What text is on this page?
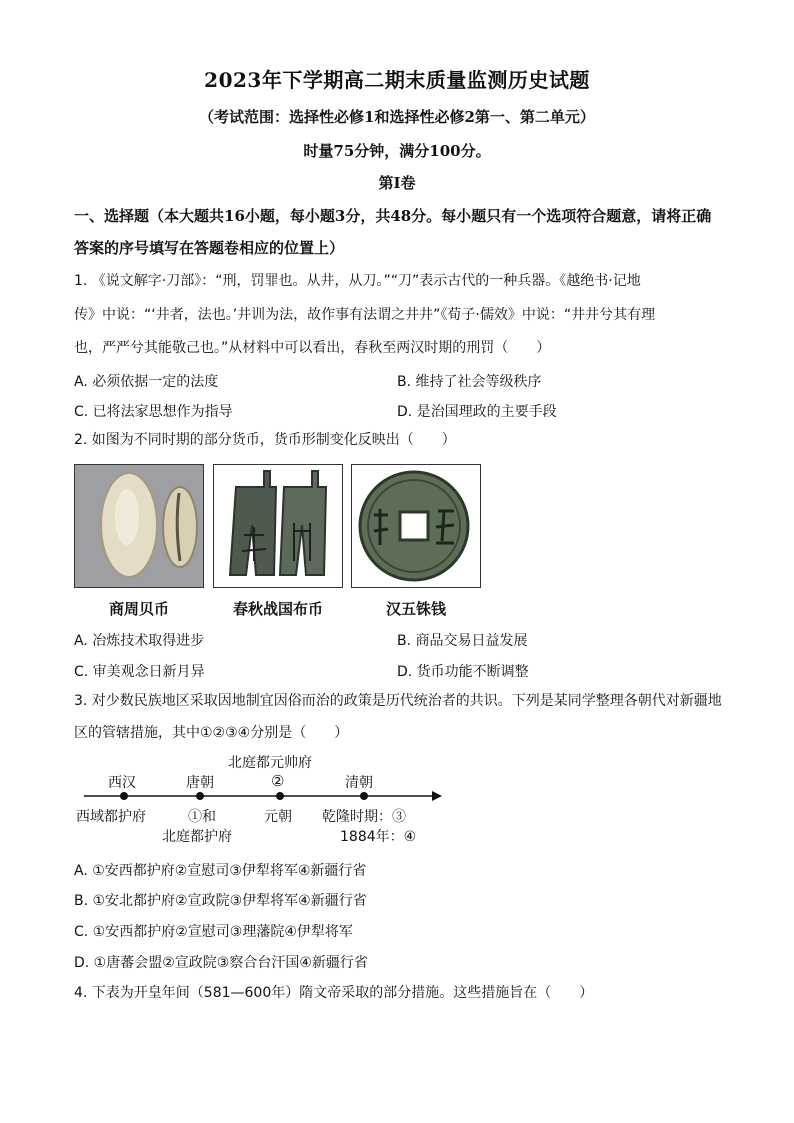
2023年下学期高二期末质量监测历史试题
（考试范围：选择性必修1和选择性必修2第一、第二单元）
时量75分钟，满分100分。
第I卷
一、选择题（本大题共16小题，每小题3分，共48分。每小题只有一个选项符合题意，请将正确答案的序号填写在答题卷相应的位置上）
1. 《说文解字·刀部》：“刑，罚罪也。从井，从刀。”“刀”表示古代的一种兵器。《越绝书·记地
传》中说：“‘井者，法也。’井训为法，故作事有法谓之井井”《荀子·儒效》中说：“井井兮其有理
也，严严兮其能敬己也。”从材料中可以看出，春秋至两汉时期的刑罚（　　）
A. 必须依据一定的法度	B. 维持了社会等级秩序
C. 已将法家思想作为指导	D. 是治国理政的主要手段
2. 如图为不同时期的部分货币，货币形制变化反映出（　　）
商周贝币	春秋战国布币	汉五铢钱
A. 冶炼技术取得进步	B. 商品交易日益发展
C. 审美观念日新月异	D. 货币功能不断调整
3. 对少数民族地区采取因地制宜因俗而治的政策是历代统治者的共识。下列是某同学整理各朝代对新疆地
区的管辖措施，其中①②③④分别是（　　）
北庭都元帅府
西汉	唐朝	②	清朝
西域都护府	①和	元朝 乾隆时期：③
北庭都护府	1884年：④
A. ①安西都护府②宣慰司③伊犁将军④新疆行省
B. ①安北都护府②宣政院③伊犁将军④新疆行省
C. ①安西都护府②宣慰司③理藩院④伊犁将军
D. ①唐蕃会盟②宣政院③察合台汗国④新疆行省
4. 下表为开皇年间（581—600年）隋文帝采取的部分措施。这些措施旨在（　　）
